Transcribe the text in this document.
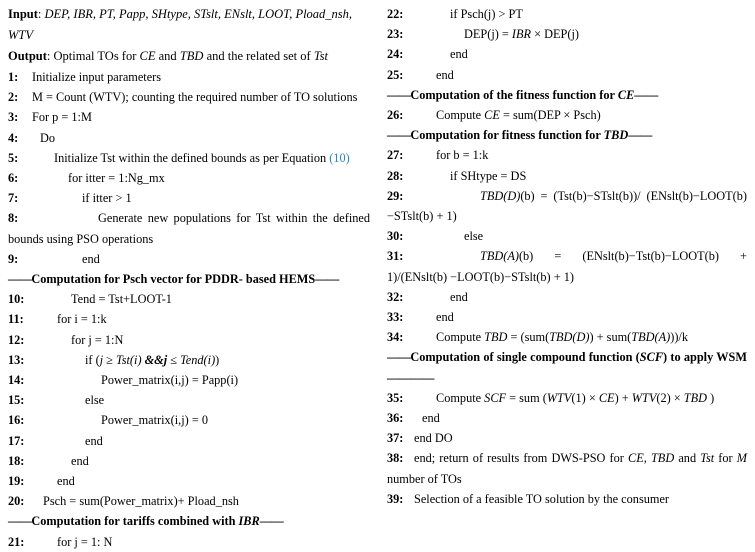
Input: DEP, IBR, PT, Papp, SHtype, STslt, ENslt, LOOT, Pload_nsh, WTV
Output: Optimal TOs for CE and TBD and the related set of Tst
1: Initialize input parameters
2: M = Count (WTV); counting the required number of TO solutions
3: For p = 1:M
4: Do
5:	Initialize Tst within the defined bounds as per Equation (10)
6:	for itter = 1:Ng_mx
7:	if itter > 1
8:	Generate new populations for Tst within the defined bounds using PSO operations
9:	end
——Computation for Psch vector for PDDR- based HEMS——
10:	Tend = Tst+LOOT-1
11:	for i = 1:k
12:	for j = 1:N
13:	if (j ≥ Tst(i) &&j ≤ Tend(i))
14:	Power_matrix(i,j) = Papp(i)
15:	else
16:	Power_matrix(i,j) = 0
17:	end
18:	end
19:	end
20: Psch = sum(Power_matrix)+ Pload_nsh
——Computation for tariffs combined with IBR——
21:	for j = 1: N
22:	if Psch(j) > PT
23:	DEP(j) = IBR × DEP(j)
24:	end
25:	end
——Computation of the fitness function for CE——
26:	Compute CE = sum(DEP × Psch)
——Computation for fitness function for TBD——
27:	for b = 1:k
28:	if SHtype = DS
29:	TBD(D)(b) = (Tst(b)−STslt(b))/ (ENslt(b)−LOOT(b) −STslt(b) + 1)
30:	else
31:	TBD(A)(b) = (ENslt(b)−Tst(b)−LOOT(b) + 1)/(ENslt(b) −LOOT(b)−STslt(b) + 1)
32:	end
33:	end
34:	Compute TBD = (sum(TBD(D)) + sum(TBD(A)))/k
——Computation of single compound function (SCF) to apply WSM————
35:	Compute SCF = sum (WTV(1) × CE) + WTV(2) × TBD )
36: end
37: end DO
38: end; return of results from DWS-PSO for CE, TBD and Tst for M number of TOs
39: Selection of a feasible TO solution by the consumer
